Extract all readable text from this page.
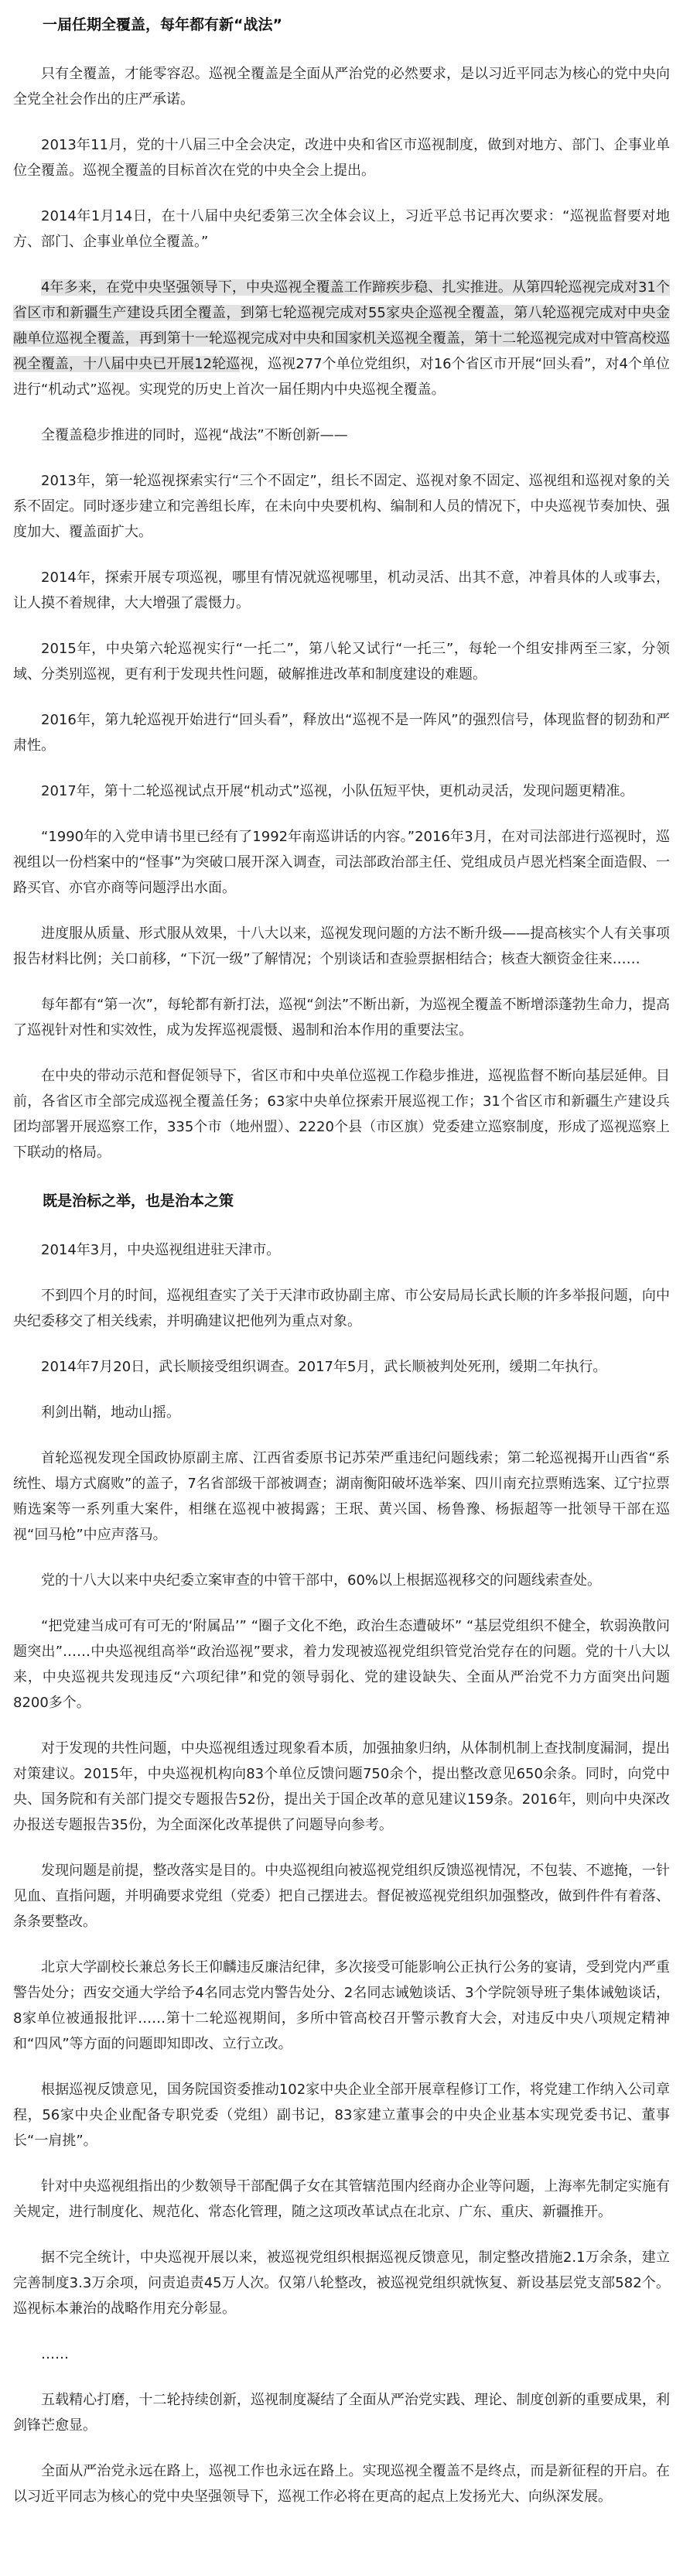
一届任期全覆盖，每年都有新“战法”

只有全覆盖，才能零容忍。巡视全覆盖是全面从严治党的必然要求，是以习近平同志为核心的党中央向全党全社会作出的庄严承诺。

2013年11月，党的十八届三中全会决定，改进中央和省区市巡视制度，做到对地方、部门、企事业单位全覆盖。巡视全覆盖的目标首次在党的中央全会上提出。

2014年1月14日，在十八届中央纪委第三次全体会议上，习近平总书记再次要求：“巡视监督要对地方、部门、企事业单位全覆盖。”

4年多来，在党中央坚强领导下，中央巡视全覆盖工作蹄疾步稳、扎实推进。从第四轮巡视完成对31个省区市和新疆生产建设兵团全覆盖，到第七轮巡视完成对55家央企巡视全覆盖，第八轮巡视完成对中央金融单位巡视全覆盖，再到第十一轮巡视完成对中央和国家机关巡视全覆盖，第十二轮巡视完成对中管高校巡视全覆盖，十八届中央已开展12轮巡视，巡视277个单位党组织，对16个省区市开展“回头看”，对4个单位进行“机动式”巡视。实现党的历史上首次一届任期内中央巡视全覆盖。

全覆盖稳步推进的同时，巡视“战法”不断创新——

2013年，第一轮巡视探索实行“三个不固定”，组长不固定、巡视对象不固定、巡视组和巡视对象的关系不固定。同时逐步建立和完善组长库，在未向中央要机构、编制和人员的情况下，中央巡视节奏加快、强度加大、覆盖面扩大。

2014年，探索开展专项巡视，哪里有情况就巡视哪里，机动灵活、出其不意，冲着具体的人或事去，让人摸不着规律，大大增强了震慑力。

2015年，中央第六轮巡视实行“一托二”，第八轮又试行“一托三”，每轮一个组安排两至三家，分领域、分类别巡视，更有利于发现共性问题，破解推进改革和制度建设的难题。

2016年，第九轮巡视开始进行“回头看”，释放出“巡视不是一阵风”的强烈信号，体现监督的韧劲和严肃性。

2017年，第十二轮巡视试点开展“机动式”巡视，小队伍短平快，更机动灵活，发现问题更精准。

“1990年的入党申请书里已经有了1992年南巡讲话的内容。”2016年3月，在对司法部进行巡视时，巡视组以一份档案中的“怪事”为突破口展开深入调查，司法部政治部主任、党组成员卢恩光档案全面造假、一路买官、亦官亦商等问题浮出水面。

进度服从质量、形式服从效果，十八大以来，巡视发现问题的方法不断升级——提高核实个人有关事项报告材料比例；关口前移，“下沉一级”了解情况；个别谈话和查验票据相结合；核查大额资金往来……

每年都有“第一次”，每轮都有新打法，巡视“剑法”不断出新，为巡视全覆盖不断增添蓬勃生命力，提高了巡视针对性和实效性，成为发挥巡视震慑、遏制和治本作用的重要法宝。

在中央的带动示范和督促领导下，省区市和中央单位巡视工作稳步推进，巡视监督不断向基层延伸。目前，各省区市全部完成巡视全覆盖任务；63家中央单位探索开展巡视工作；31个省区市和新疆生产建设兵团均部署开展巡察工作，335个市（地州盟）、2220个县（市区旗）党委建立巡察制度，形成了巡视巡察上下联动的格局。

既是治标之举，也是治本之策

2014年3月，中央巡视组进驻天津市。

不到四个月的时间，巡视组查实了关于天津市政协副主席、市公安局局长武长顺的许多举报问题，向中央纪委移交了相关线索，并明确建议把他列为重点对象。

2014年7月20日，武长顺接受组织调查。2017年5月，武长顺被判处死刑，缓期二年执行。

利剑出鞘，地动山摇。

首轮巡视发现全国政协原副主席、江西省委原书记苏荣严重违纪问题线索；第二轮巡视揭开山西省“系统性、塌方式腐败”的盖子，7名省部级干部被调查；湖南衡阳破坏选举案、四川南充拉票贿选案、辽宁拉票贿选案等一系列重大案件，相继在巡视中被揭露；王珉、黄兴国、杨鲁豫、杨振超等一批领导干部在巡视“回马枪”中应声落马。

党的十八大以来中央纪委立案审查的中管干部中，60%以上根据巡视移交的问题线索查处。

“把党建当成可有可无的‘附属品’” “圈子文化不绝，政治生态遭破坏” “基层党组织不健全，软弱涣散问题突出”……中央巡视组高举“政治巡视”要求，着力发现被巡视党组织管党治党存在的问题。党的十八大以来，中央巡视共发现违反“六项纪律”和党的领导弱化、党的建设缺失、全面从严治党不力方面突出问题8200多个。

对于发现的共性问题，中央巡视组透过现象看本质，加强抽象归纳，从体制机制上查找制度漏洞，提出对策建议。2015年，中央巡视机构向83个单位反馈问题750余个，提出整改意见650余条。同时，向党中央、国务院和有关部门提交专题报告52份，提出关于国企改革的意见建议159条。2016年，则向中央深改办报送专题报告35份，为全面深化改革提供了问题导向参考。

发现问题是前提，整改落实是目的。中央巡视组向被巡视党组织反馈巡视情况，不包装、不遮掩，一针见血、直指问题，并明确要求党组（党委）把自己摆进去。督促被巡视党组织加强整改，做到件件有着落、条条要整改。

北京大学副校长兼总务长王仰麟违反廉洁纪律，多次接受可能影响公正执行公务的宴请，受到党内严重警告处分；西安交通大学给予4名同志党内警告处分、2名同志诫勉谈话、3个学院领导班子集体诫勉谈话，8家单位被通报批评……第十二轮巡视期间，多所中管高校召开警示教育大会，对违反中央八项规定精神和“四风”等方面的问题即知即改、立行立改。

根据巡视反馈意见，国务院国资委推动102家中央企业全部开展章程修订工作，将党建工作纳入公司章程，56家中央企业配备专职党委（党组）副书记，83家建立董事会的中央企业基本实现党委书记、董事长“一肩挑”。

针对中央巡视组指出的少数领导干部配偶子女在其管辖范围内经商办企业等问题，上海率先制定实施有关规定，进行制度化、规范化、常态化管理，随之这项改革试点在北京、广东、重庆、新疆推开。

据不完全统计，中央巡视开展以来，被巡视党组织根据巡视反馈意见，制定整改措施2.1万余条，建立完善制度3.3万余项，问责追责45万人次。仅第八轮整改，被巡视党组织就恢复、新设基层党支部582个。巡视标本兼治的战略作用充分彰显。

……

五载精心打磨，十二轮持续创新，巡视制度凝结了全面从严治党实践、理论、制度创新的重要成果，利剑锋芒愈显。

全面从严治党永远在路上，巡视工作也永远在路上。实现巡视全覆盖不是终点，而是新征程的开启。在以习近平同志为核心的党中央坚强领导下，巡视工作必将在更高的起点上发扬光大、向纵深发展。
